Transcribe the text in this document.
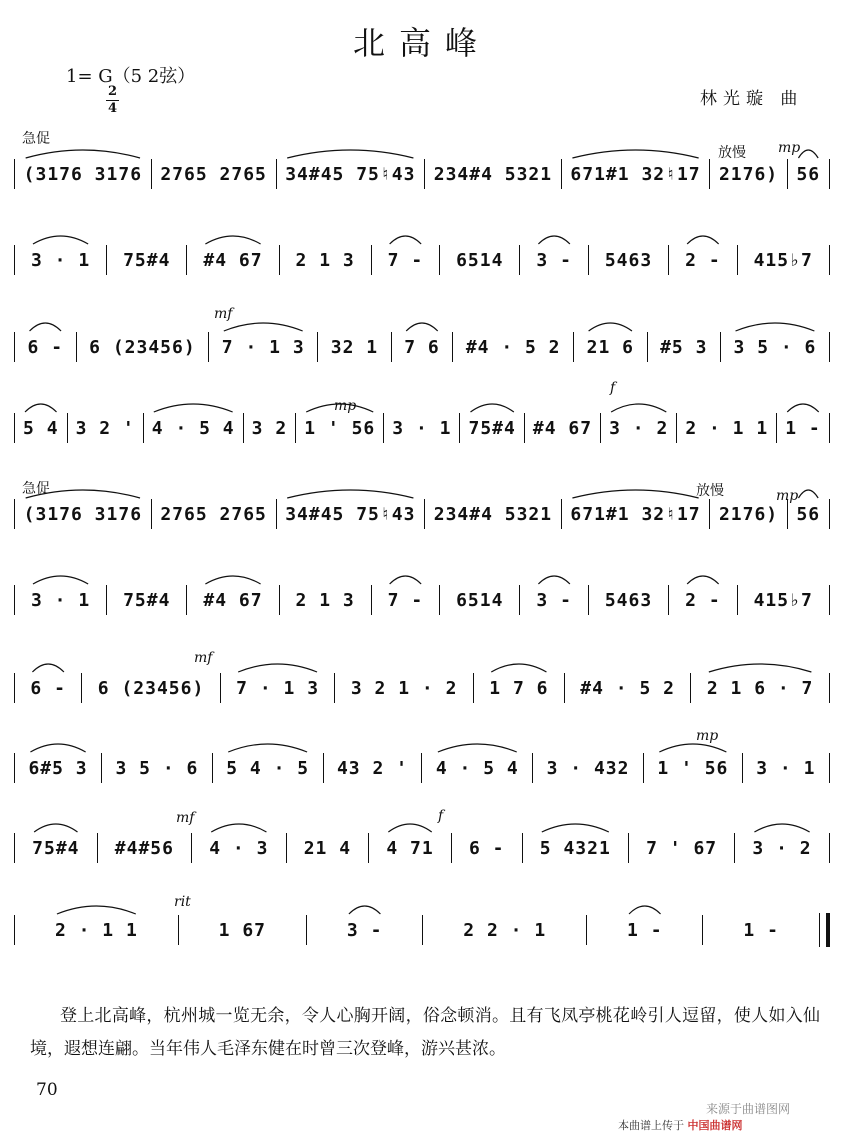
北高峰
1= G（5 2弦）
2
4	林光璇 曲
急促
放慢 mp
mf
mp
f
急促	放慢	mp
mf
mp
mf	f
rit
(3176 3176 2765 2765 34#45 75♮43 234#4 5321 671#1 32♮17 2176) 56
3 · 1 75#4 #4 67 2 1 3 7 - 6514 3 - 5463 2 - 415♭7
6 - 6 (23456) 7 · 1 3 32 1 7 6 #4 · 5 2 21 6 #5 3 3 5 · 6
5 4 3 2 ' 4 · 5 4 3 2 1 ' 56 3 · 1 75#4 #4 67 3 · 2 2 · 1 1 1 -
(3176 3176 2765 2765 34#45 75♮43 234#4 5321 671#1 32♮17 2176) 56
3 · 1 75#4 #4 67 2 1 3 7 - 6514 3 - 5463 2 - 415♭7
6 - 6 (23456) 7 · 1 3 3 2 1 · 2 1 7 6 #4 · 5 2 2 1 6 · 7
6#5 3 3 5 · 6 5 4 · 5 43 2 ' 4 · 5 4 3 · 432 1 ' 56 3 · 1
75#4 #4#56 4 · 3 21 4 4 71 6 - 5 4321 7 ' 67 3 · 2
2 · 1 1	1 67	3 -	2 2 · 1	1 -	1 -
登上北高峰，杭州城一览无余，令人心胸开阔，俗念顿消。且有飞凤亭桃花岭引人逗留，使人如入仙境，遐想连翩。当年伟人毛泽东健在时曾三次登峰，游兴甚浓。
70
来源于曲谱图网
本曲谱上传于 中国曲谱网
